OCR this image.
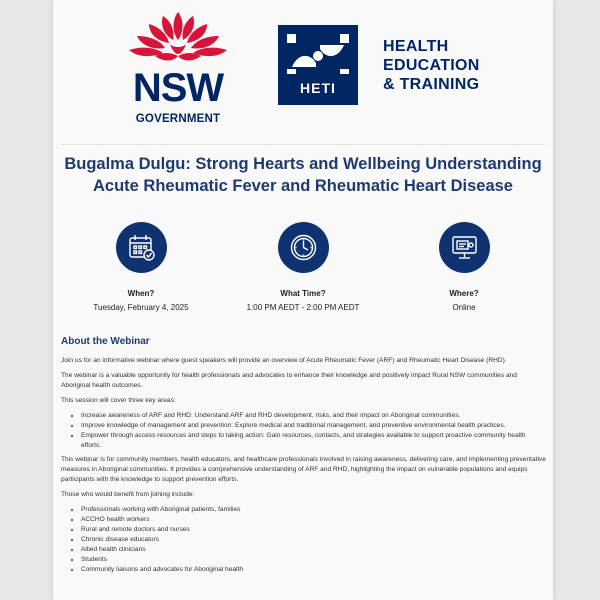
NSW
GOVERNMENT
HETI
HEALTH
EDUCATION
& TRAINING
Bugalma Dulgu: Strong Hearts and Wellbeing Understanding
Acute Rheumatic Fever and Rheumatic Heart Disease
When?
Tuesday, February 4, 2025
What Time?
1:00 PM AEDT - 2:00 PM AEDT
Where?
Online
About the Webinar

Join us for an informative webinar where guest speakers will provide an overview of Acute Rheumatic Fever (ARF) and Rheumatic Heart Disease (RHD).

The webinar is a valuable opportunity for health professionals and advocates to enhance their knowledge and positively impact Rural NSW communities and Aboriginal health outcomes.

This session will cover three key areas:

• Increase awareness of ARF and RHD: Understand ARF and RHD development, risks, and their impact on Aboriginal communities.
• Improve knowledge of management and prevention: Explore medical and traditional management, and preventive environmental health practices.
• Empower through access resources and steps to taking action: Gain resources, contacts, and strategies available to support proactive community health efforts.

This webinar is for community members, health educators, and healthcare professionals involved in raising awareness, delivering care, and implementing preventative measures in Aboriginal communities. It provides a comprehensive understanding of ARF and RHD, highlighting the impact on vulnerable populations and equips participants with the knowledge to support prevention efforts.

Those who would benefit from joining include:

• Professionals working with Aboriginal patients, families
• ACCHO health workers
• Rural and remote doctors and nurses
• Chronic disease educators
• Allied health clinicians
• Students
• Community liaisons and advocates for Aboriginal health
